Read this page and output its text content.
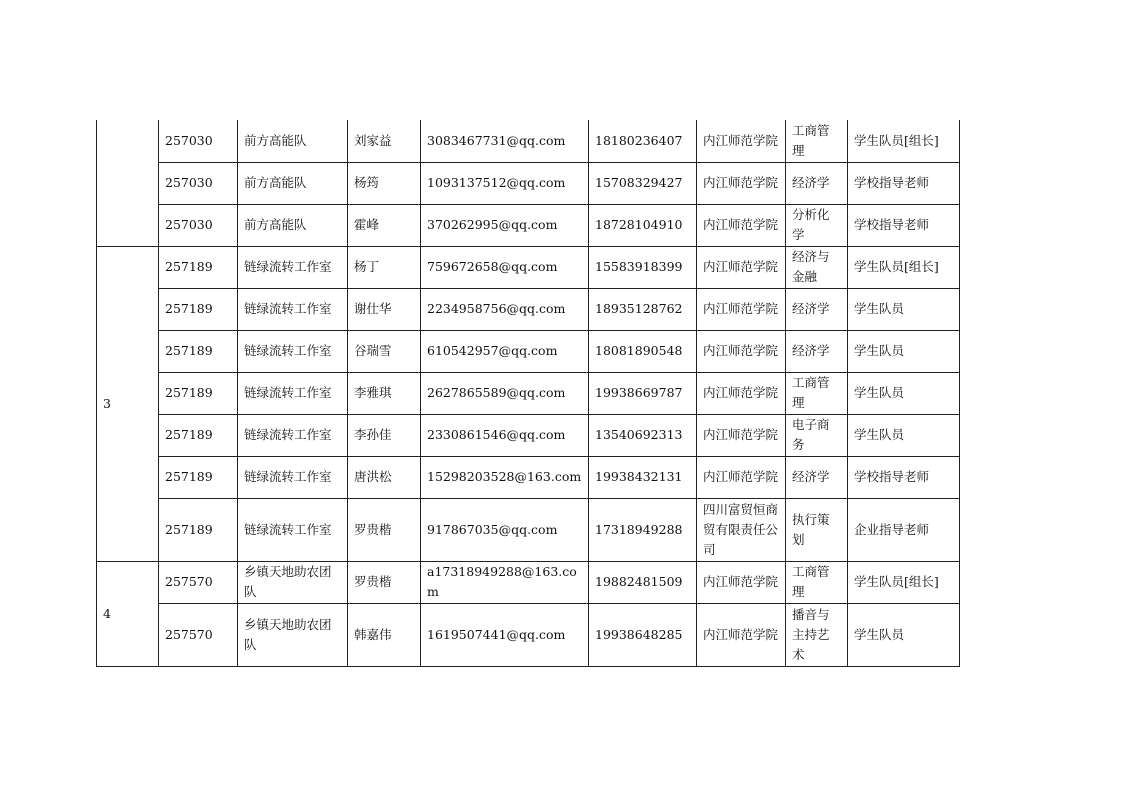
	257030	前方高能队	刘家益	3083467731@qq.com	18180236407	内江师范学院	工商管理	学生队员[组长]
	257030	前方高能队	杨筠	1093137512@qq.com	15708329427	内江师范学院	经济学	学校指导老师
	257030	前方高能队	霍峰	370262995@qq.com	18728104910	内江师范学院	分析化学	学校指导老师
3	257189	链绿流转工作室	杨丁	759672658@qq.com	15583918399	内江师范学院	经济与金融	学生队员[组长]
	257189	链绿流转工作室	谢仕华	2234958756@qq.com	18935128762	内江师范学院	经济学	学生队员
	257189	链绿流转工作室	谷瑞雪	610542957@qq.com	18081890548	内江师范学院	经济学	学生队员
	257189	链绿流转工作室	李雅琪	2627865589@qq.com	19938669787	内江师范学院	工商管理	学生队员
	257189	链绿流转工作室	李孙佳	2330861546@qq.com	13540692313	内江师范学院	电子商务	学生队员
	257189	链绿流转工作室	唐洪松	15298203528@163.com	19938432131	内江师范学院	经济学	学校指导老师
	257189	链绿流转工作室	罗贵楷	917867035@qq.com	17318949288	四川富贸恒商贸有限责任公司	执行策划	企业指导老师
4	257570	乡镇天地助农团队	罗贵楷	a17318949288@163.com	19882481509	内江师范学院	工商管理	学生队员[组长]
	257570	乡镇天地助农团队	韩嘉伟	1619507441@qq.com	19938648285	内江师范学院	播音与主持艺术	学生队员
